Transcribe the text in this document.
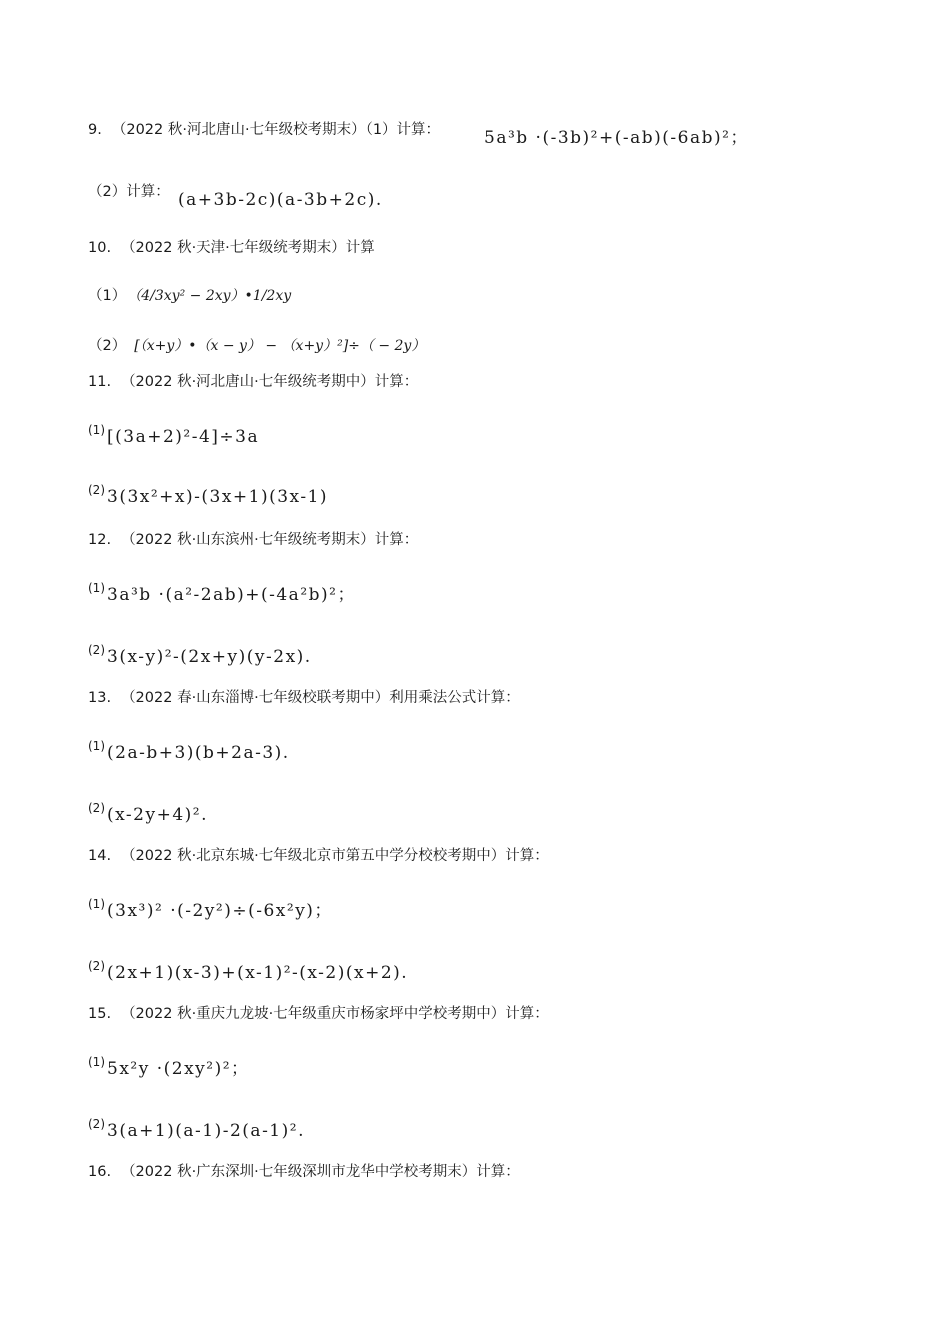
9. （2022 秋·河北唐山·七年级校考期末）（1）计算：	5a³b ·(-3b)²+(-ab)(-6ab)²；
（2）计算： (a+3b-2c)(a-3b+2c).
10. （2022 秋·天津·七年级统考期末）计算
（1） （4/3xy² − 2xy）•1/2xy
（2） [（x+y）•（x − y） − （x+y）²]÷（ − 2y）
11. （2022 秋·河北唐山·七年级统考期中）计算：
$^{(1)}$ [(3a+2)²-4]÷3a
$^{(2)}$ 3(3x²+x)-(3x+1)(3x-1)
12. （2022 秋·山东滨州·七年级统考期末）计算：
$^{(1)}$ 3a³b ·(a²-2ab)+(-4a²b)²；
$^{(2)}$ 3(x-y)²-(2x+y)(y-2x).
13. （2022 春·山东淄博·七年级校联考期中）利用乘法公式计算：
$^{(1)}$ (2a-b+3)(b+2a-3).
$^{(2)}$ (x-2y+4)².
14. （2022 秋·北京东城·七年级北京市第五中学分校校考期中）计算：
$^{(1)}$ (3x³)² ·(-2y²)÷(-6x²y)；
$^{(2)}$ (2x+1)(x-3)+(x-1)²-(x-2)(x+2).
15. （2022 秋·重庆九龙坡·七年级重庆市杨家坪中学校考期中）计算：
$^{(1)}$ 5x²y ·(2xy²)²；
$^{(2)}$ 3(a+1)(a-1)-2(a-1)².
16. （2022 秋·广东深圳·七年级深圳市龙华中学校考期末）计算：
